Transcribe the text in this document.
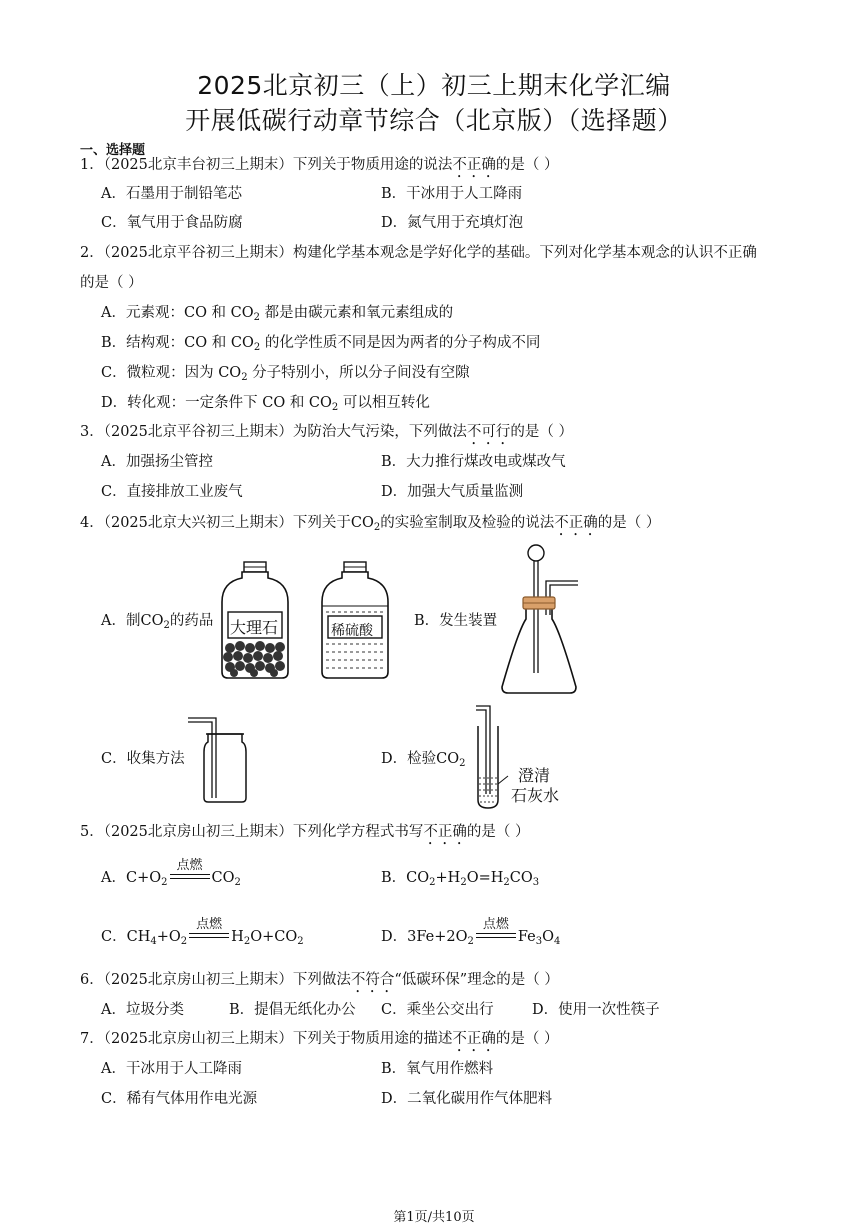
2025北京初三（上）初三上期末化学汇编
开展低碳行动章节综合（北京版）（选择题）
一、选择题
1．（2025北京丰台初三上期末）下列关于物质用途的说法不正确的是（ ）
A．石墨用于制铅笔芯	B．干冰用于人工降雨
C．氧气用于食品防腐	D．氮气用于充填灯泡
2．（2025北京平谷初三上期末）构建化学基本观念是学好化学的基础。下列对化学基本观念的认识不正确
的是（ ）
A．元素观：CO 和 $CO_2$ 都是由碳元素和氧元素组成的
B．结构观：CO 和 $CO_2$ 的化学性质不同是因为两者的分子构成不同
C．微粒观：因为 $CO_2$ 分子特别小，所以分子间没有空隙
D．转化观：一定条件下 CO 和 $CO_2$ 可以相互转化
3．（2025北京平谷初三上期末）为防治大气污染，下列做法不可行的是（ ）
A．加强扬尘管控	B．大力推行煤改电或煤改气
C．直接排放工业废气	D．加强大气质量监测
4．（2025北京大兴初三上期末）下列关于$CO_2$的实验室制取及检验的说法不正确的是（ ）
A．制$CO_2$的药品 大理石	稀硫酸
B．发生装置
C．收集方法	D．检验$CO_2$
澄清
石灰水
5．（2025北京房山初三上期末）下列化学方程式书写不正确的是（ ）
A．$C+O_2$
点燃
$CO_2$	B．$CO_2+H_2O=H_2CO_3$
C．$CH_4+O_2$
点燃
$H_2O+CO_2$	D．$3Fe+2O_2$
点燃
$Fe_3O_4$
6．（2025北京房山初三上期末）下列做法不符合“低碳环保”理念的是（ ）
A．垃圾分类	B．提倡无纸化办公 C．乘坐公交出行	D．使用一次性筷子
7．（2025北京房山初三上期末）下列关于物质用途的描述不正确的是（ ）
A．干冰用于人工降雨	B．氧气用作燃料
C．稀有气体用作电光源	D．二氧化碳用作气体肥料
第1页/共10页
